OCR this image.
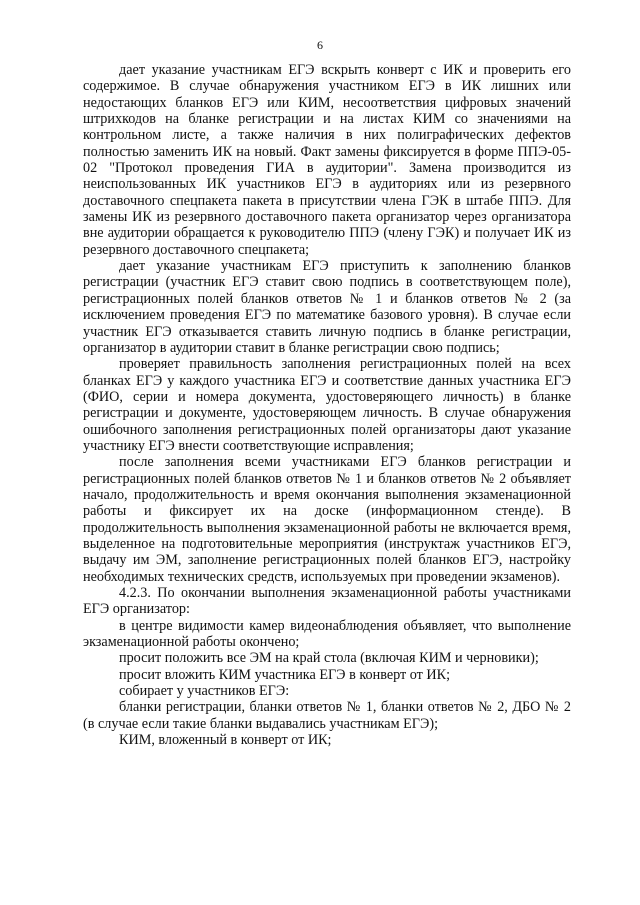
6

дает указание участникам ЕГЭ вскрыть конверт с ИК и проверить его содержимое. В случае обнаружения участником ЕГЭ в ИК лишних или недостающих бланков ЕГЭ или КИМ, несоответствия цифровых значений штрихкодов на бланке регистрации и на листах КИМ со значениями на контрольном листе, а также наличия в них полиграфических дефектов полностью заменить ИК на новый. Факт замены фиксируется в форме ППЭ-05-02 "Протокол проведения ГИА в аудитории". Замена производится из неиспользованных ИК участников ЕГЭ в аудиториях или из резервного доставочного спецпакета пакета в присутствии члена ГЭК в штабе ППЭ. Для замены ИК из резервного доставочного пакета организатор через организатора вне аудитории обращается к руководителю ППЭ (члену ГЭК) и получает ИК из резервного доставочного спецпакета;

дает указание участникам ЕГЭ приступить к заполнению бланков регистрации (участник ЕГЭ ставит свою подпись в соответствующем поле), регистрационных полей бланков ответов № 1 и бланков ответов № 2 (за исключением проведения ЕГЭ по математике базового уровня). В случае если участник ЕГЭ отказывается ставить личную подпись в бланке регистрации, организатор в аудитории ставит в бланке регистрации свою подпись;

проверяет правильность заполнения регистрационных полей на всех бланках ЕГЭ у каждого участника ЕГЭ и соответствие данных участника ЕГЭ (ФИО, серии и номера документа, удостоверяющего личность) в бланке регистрации и документе, удостоверяющем личность. В случае обнаружения ошибочного заполнения регистрационных полей организаторы дают указание участнику ЕГЭ внести соответствующие исправления;

после заполнения всеми участниками ЕГЭ бланков регистрации и регистрационных полей бланков ответов № 1 и бланков ответов № 2 объявляет начало, продолжительность и время окончания выполнения экзаменационной работы и фиксирует их на доске (информационном стенде). В продолжительность выполнения экзаменационной работы не включается время, выделенное на подготовительные мероприятия (инструктаж участников ЕГЭ, выдачу им ЭМ, заполнение регистрационных полей бланков ЕГЭ, настройку необходимых технических средств, используемых при проведении экзаменов).

4.2.3. По окончании выполнения экзаменационной работы участниками ЕГЭ организатор:

в центре видимости камер видеонаблюдения объявляет, что выполнение экзаменационной работы окончено;

просит положить все ЭМ на край стола (включая КИМ и черновики);

просит вложить КИМ участника ЕГЭ в конверт от ИК;

собирает у участников ЕГЭ:

бланки регистрации, бланки ответов № 1, бланки ответов № 2, ДБО № 2 (в случае если такие бланки выдавались участникам ЕГЭ);

КИМ, вложенный в конверт от ИК;
